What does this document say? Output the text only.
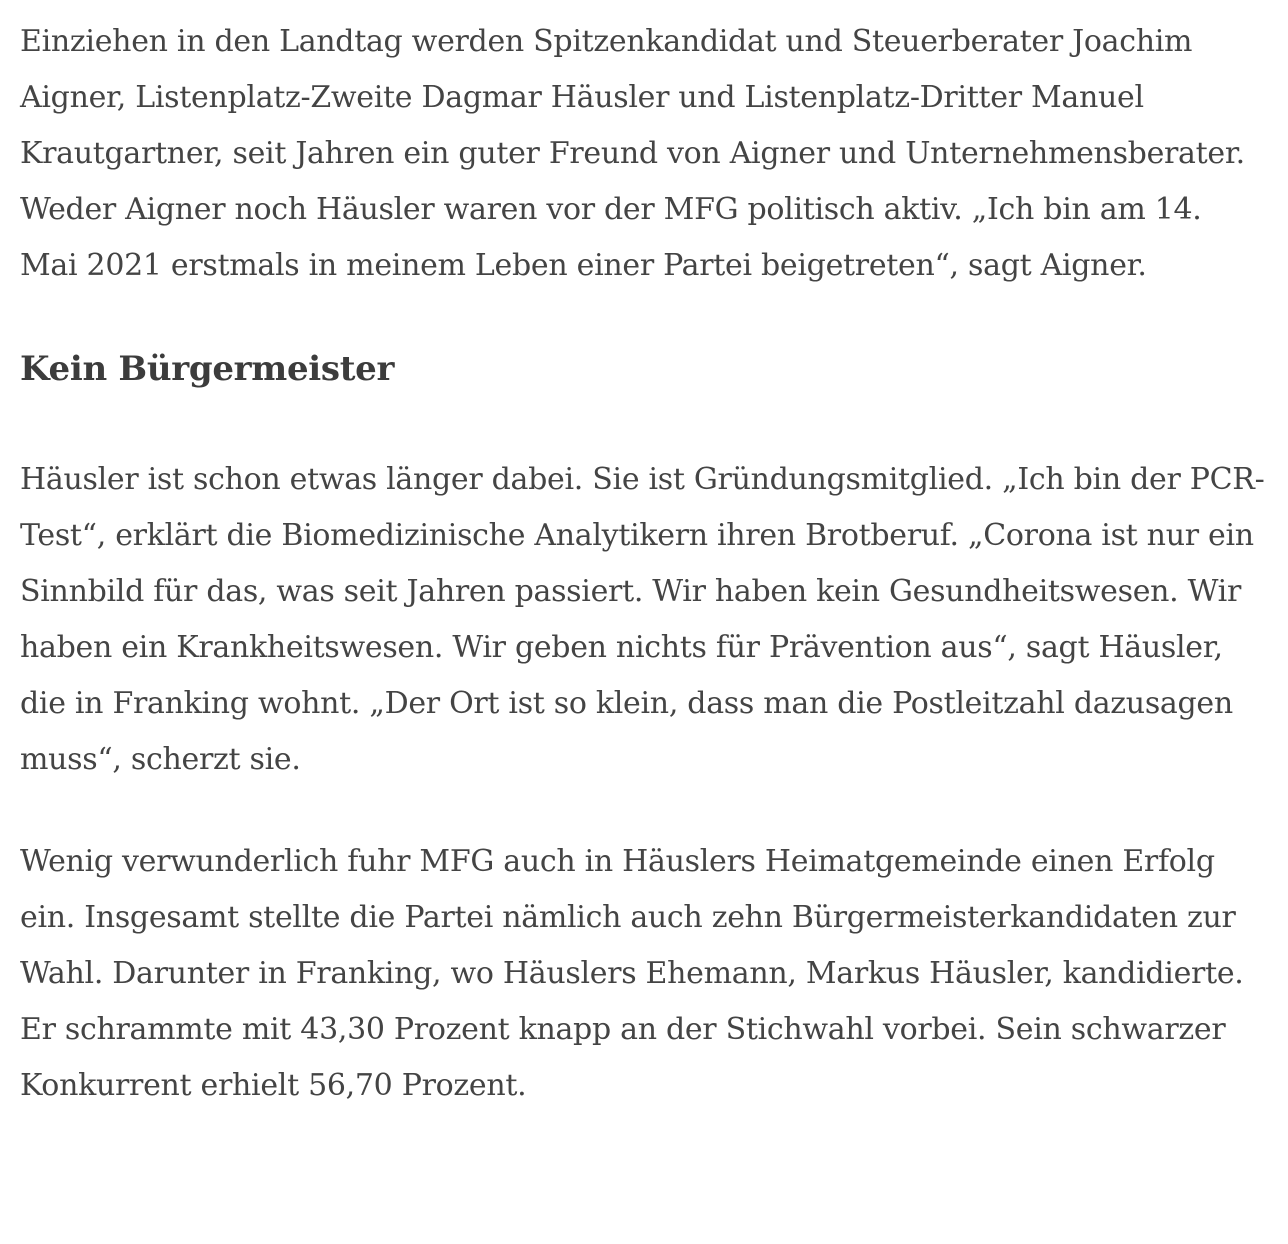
Einziehen in den Landtag werden Spitzenkandidat und Steuerberater Joachim Aigner, Listenplatz-Zweite Dagmar Häusler und Listenplatz-Dritter Manuel Krautgartner, seit Jahren ein guter Freund von Aigner und Unternehmensberater. Weder Aigner noch Häusler waren vor der MFG politisch aktiv. „Ich bin am 14. Mai 2021 erstmals in meinem Leben einer Partei beigetreten“, sagt Aigner.

Kein Bürgermeister

Häusler ist schon etwas länger dabei. Sie ist Gründungsmitglied. „Ich bin der PCR-Test“, erklärt die Biomedizinische Analytikern ihren Brotberuf. „Corona ist nur ein Sinnbild für das, was seit Jahren passiert. Wir haben kein Gesundheitswesen. Wir haben ein Krankheitswesen. Wir geben nichts für Prävention aus“, sagt Häusler, die in Franking wohnt. „Der Ort ist so klein, dass man die Postleitzahl dazusagen muss“, scherzt sie.

Wenig verwunderlich fuhr MFG auch in Häuslers Heimatgemeinde einen Erfolg ein. Insgesamt stellte die Partei nämlich auch zehn Bürgermeisterkandidaten zur Wahl. Darunter in Franking, wo Häuslers Ehemann, Markus Häusler, kandidierte. Er schrammte mit 43,30 Prozent knapp an der Stichwahl vorbei. Sein schwarzer Konkurrent erhielt 56,70 Prozent.
